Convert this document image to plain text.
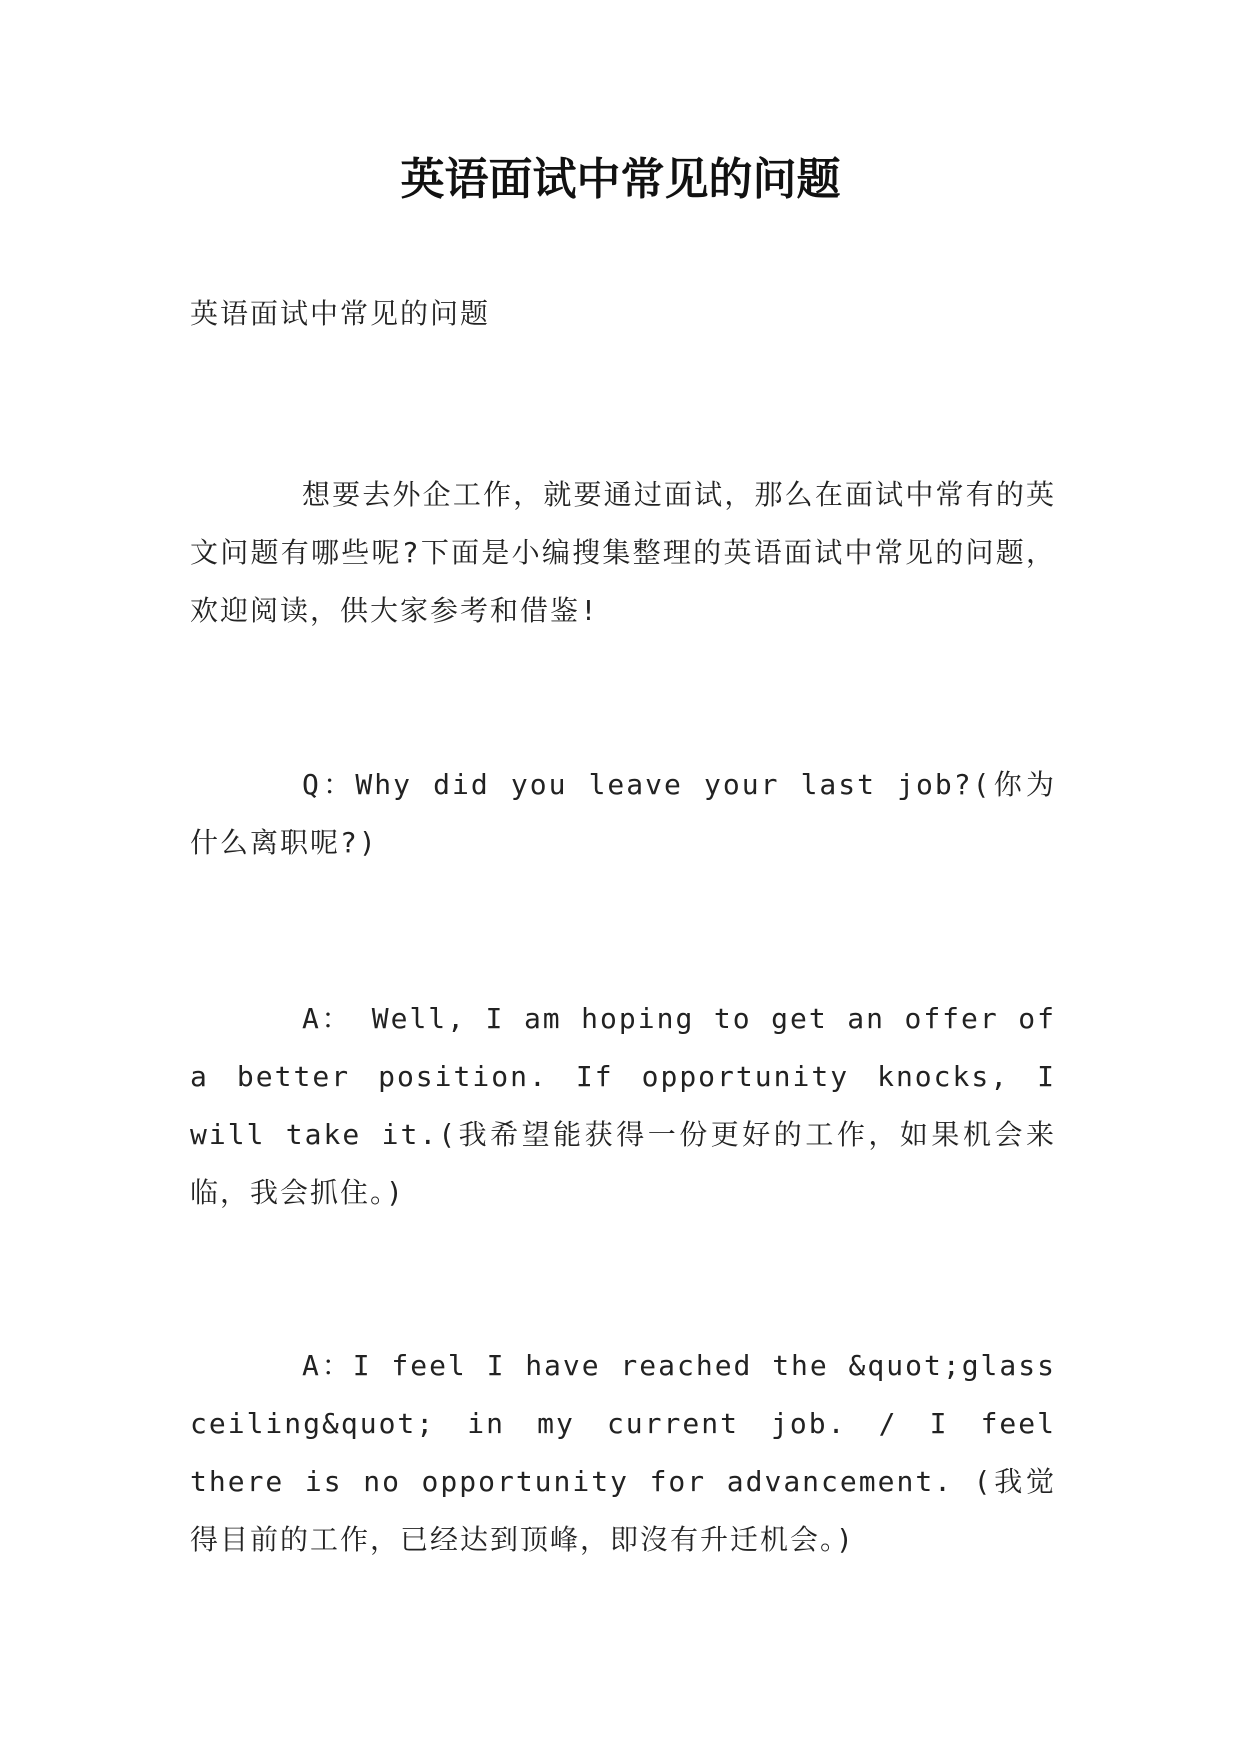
英语面试中常见的问题

英语面试中常见的问题

想要去外企工作，就要通过面试，那么在面试中常有的英文问题有哪些呢?下面是小编搜集整理的英语面试中常见的问题，欢迎阅读，供大家参考和借鉴!

Q：Why did you leave your last job?(你为什么离职呢?)

A： Well, I am hoping to get an offer of a better position. If opportunity knocks, I will take it.(我希望能获得一份更好的工作，如果机会来临，我会抓住。)

A：I feel I have reached the &quot;glass ceiling&quot; in my current job. / I feel there is no opportunity for advancement. (我觉得目前的工作，已经达到顶峰，即沒有升迁机会。)
